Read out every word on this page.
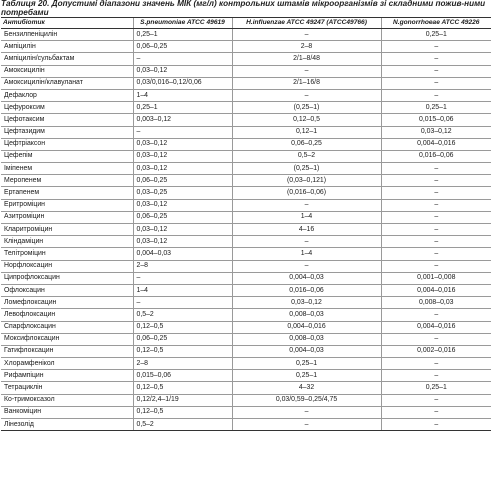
Таблиця 20. Допустимі діапазони значень МІК (мг/л) контрольних штамів мікроорганізмів зі складними пожив-ними потребами
Антибіотик	S.pneumoniae ATCC 49619	H.influenzae ATCC 49247 (ATCC49766)	N.gonorrhoeae ATCC 49226
Бензилпеніцилін	0,25–1	–	0,25–1
Ампіцилін	0,06–0,25	2–8	–
Ампіцилін/сульбактам	–	2/1–8/48	–
Амоксицилін	0,03–0,12	–	–
Амоксицилін/клавуланат	0,03/0,016–0,12/0,06	2/1–16/8	–
Дефаклор	1–4	–	–
Цефуроксим	0,25–1	(0,25–1)	0,25–1
Цефотаксим	0,003–0,12	0,12–0,5	0,015–0,06
Цефтазидим	–	0,12–1	0,03–0,12
Цефтріаксон	0,03–0,12	0,06–0,25	0,004–0,016
Цефепім	0,03–0,12	0,5–2	0,016–0,06
Іміпенем	0,03–0,12	(0,25–1)	–
Меропенем	0,06–0,25	(0,03–0,121)	–
Ертапенем	0,03–0,25	(0,016–0,06)	–
Еритроміцин	0,03–0,12	–	–
Азитроміцин	0,06–0,25	1–4	–
Кларитроміцин	0,03–0,12	4–16	–
Кліндаміцин	0,03–0,12	–	–
Телітроміцин	0,004–0,03	1–4	–
Норфлоксацин	2–8	–	–
Ципрофлоксацин	–	0,004–0,03	0,001–0,008
Офлоксацин	1–4	0,016–0,06	0,004–0,016
Ломефлоксацин	–	0,03–0,12	0,008–0,03
Левофлоксацин	0,5–2	0,008–0,03	–
Спарфлоксацин	0,12–0,5	0,004–0,016	0,004–0,016
Моксифлоксацин	0,06–0,25	0,008–0,03	–
Гатифлоксацин	0,12–0,5	0,004–0,03	0,002–0,016
Хлорамфенікол	2–8	0,25–1	–
Рифампіцин	0,015–0,06	0,25–1	–
Тетрациклін	0,12–0,5	4–32	0,25–1
Ко-тримоксазол	0,12/2,4–1/19	0,03/0,59–0,25/4,75	–
Ванкоміцин	0,12–0,5	–	–
Лінезолід	0,5–2	–	–
